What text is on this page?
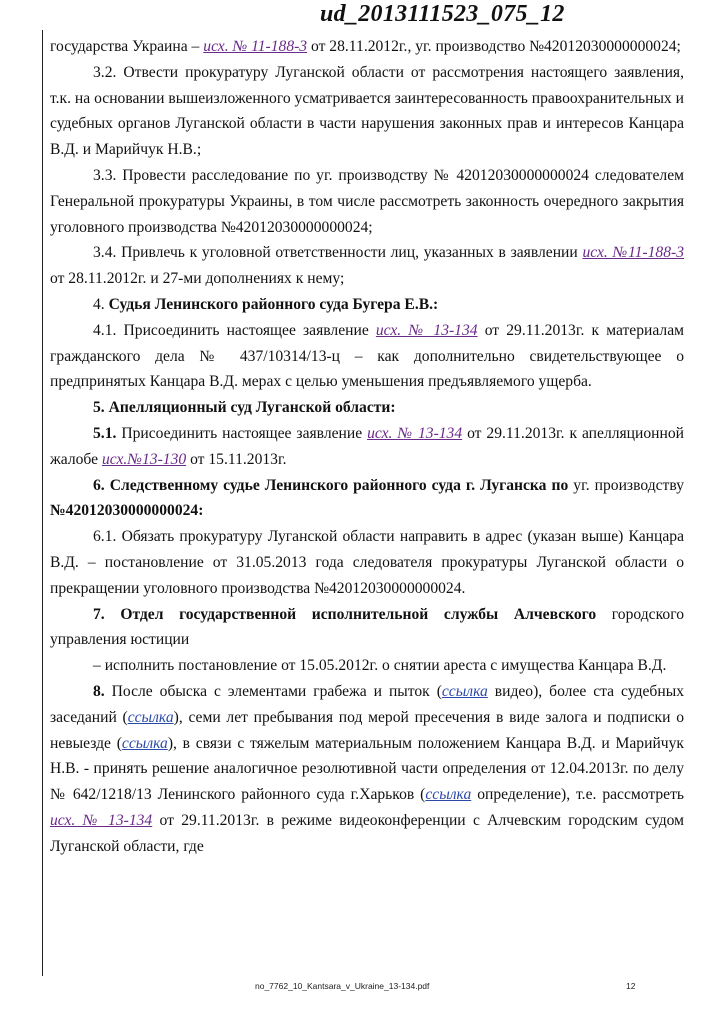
ud_2013111523_075_12

государства Украина – исх. № 11-188-3 от 28.11.2012г., уг. производство №42012030000000024;

3.2. Отвести прокуратуру Луганской области от рассмотрения настоящего заявления, т.к. на основании вышеизложенного усматривается заинтересованность правоохранительных и судебных органов Луганской области в части нарушения законных прав и интересов Канцара В.Д. и Марийчук Н.В.;

3.3. Провести расследование по уг. производству № 42012030000000024 следователем Генеральной прокуратуры Украины, в том числе рассмотреть законность очередного закрытия уголовного производства №42012030000000024;

3.4. Привлечь к уголовной ответственности лиц, указанных в заявлении исх. №11-188-3 от 28.11.2012г. и 27-ми дополнениях к нему;

4. Судья Ленинского районного суда Бугера Е.В.:

4.1. Присоединить настоящее заявление исх. № 13-134 от 29.11.2013г. к материалам гражданского дела № 437/10314/13-ц – как дополнительно свидетельствующее о предпринятых Канцара В.Д. мерах с целью уменьшения предъявляемого ущерба.

5. Апелляционный суд Луганской области:

5.1. Присоединить настоящее заявление исх. № 13-134 от 29.11.2013г. к апелляционной жалобе исх.№13-130 от 15.11.2013г.

6. Следственному судье Ленинского районного суда г. Луганска по уг. производству №42012030000000024:

6.1. Обязать прокуратуру Луганской области направить в адрес (указан выше) Канцара В.Д. – постановление от 31.05.2013 года следователя прокуратуры Луганской области о прекращении уголовного производства №42012030000000024.

7. Отдел государственной исполнительной службы Алчевского городского управления юстиции

– исполнить постановление от 15.05.2012г. о снятии ареста с имущества Канцара В.Д.

8. После обыска с элементами грабежа и пыток (ссылка видео), более ста судебных заседаний (ссылка), семи лет пребывания под мерой пресечения в виде залога и подписки о невыезде (ссылка), в связи с тяжелым материальным положением Канцара В.Д. и Марийчук Н.В. - принять решение аналогичное резолютивной части определения от 12.04.2013г. по делу № 642/1218/13 Ленинского районного суда г.Харьков (ссылка определение), т.е. рассмотреть исх. № 13-134 от 29.11.2013г. в режиме видеоконференции с Алчевским городским судом Луганской области, где

no_7762_10_Kantsara_v_Ukraine_13-134.pdf	12
